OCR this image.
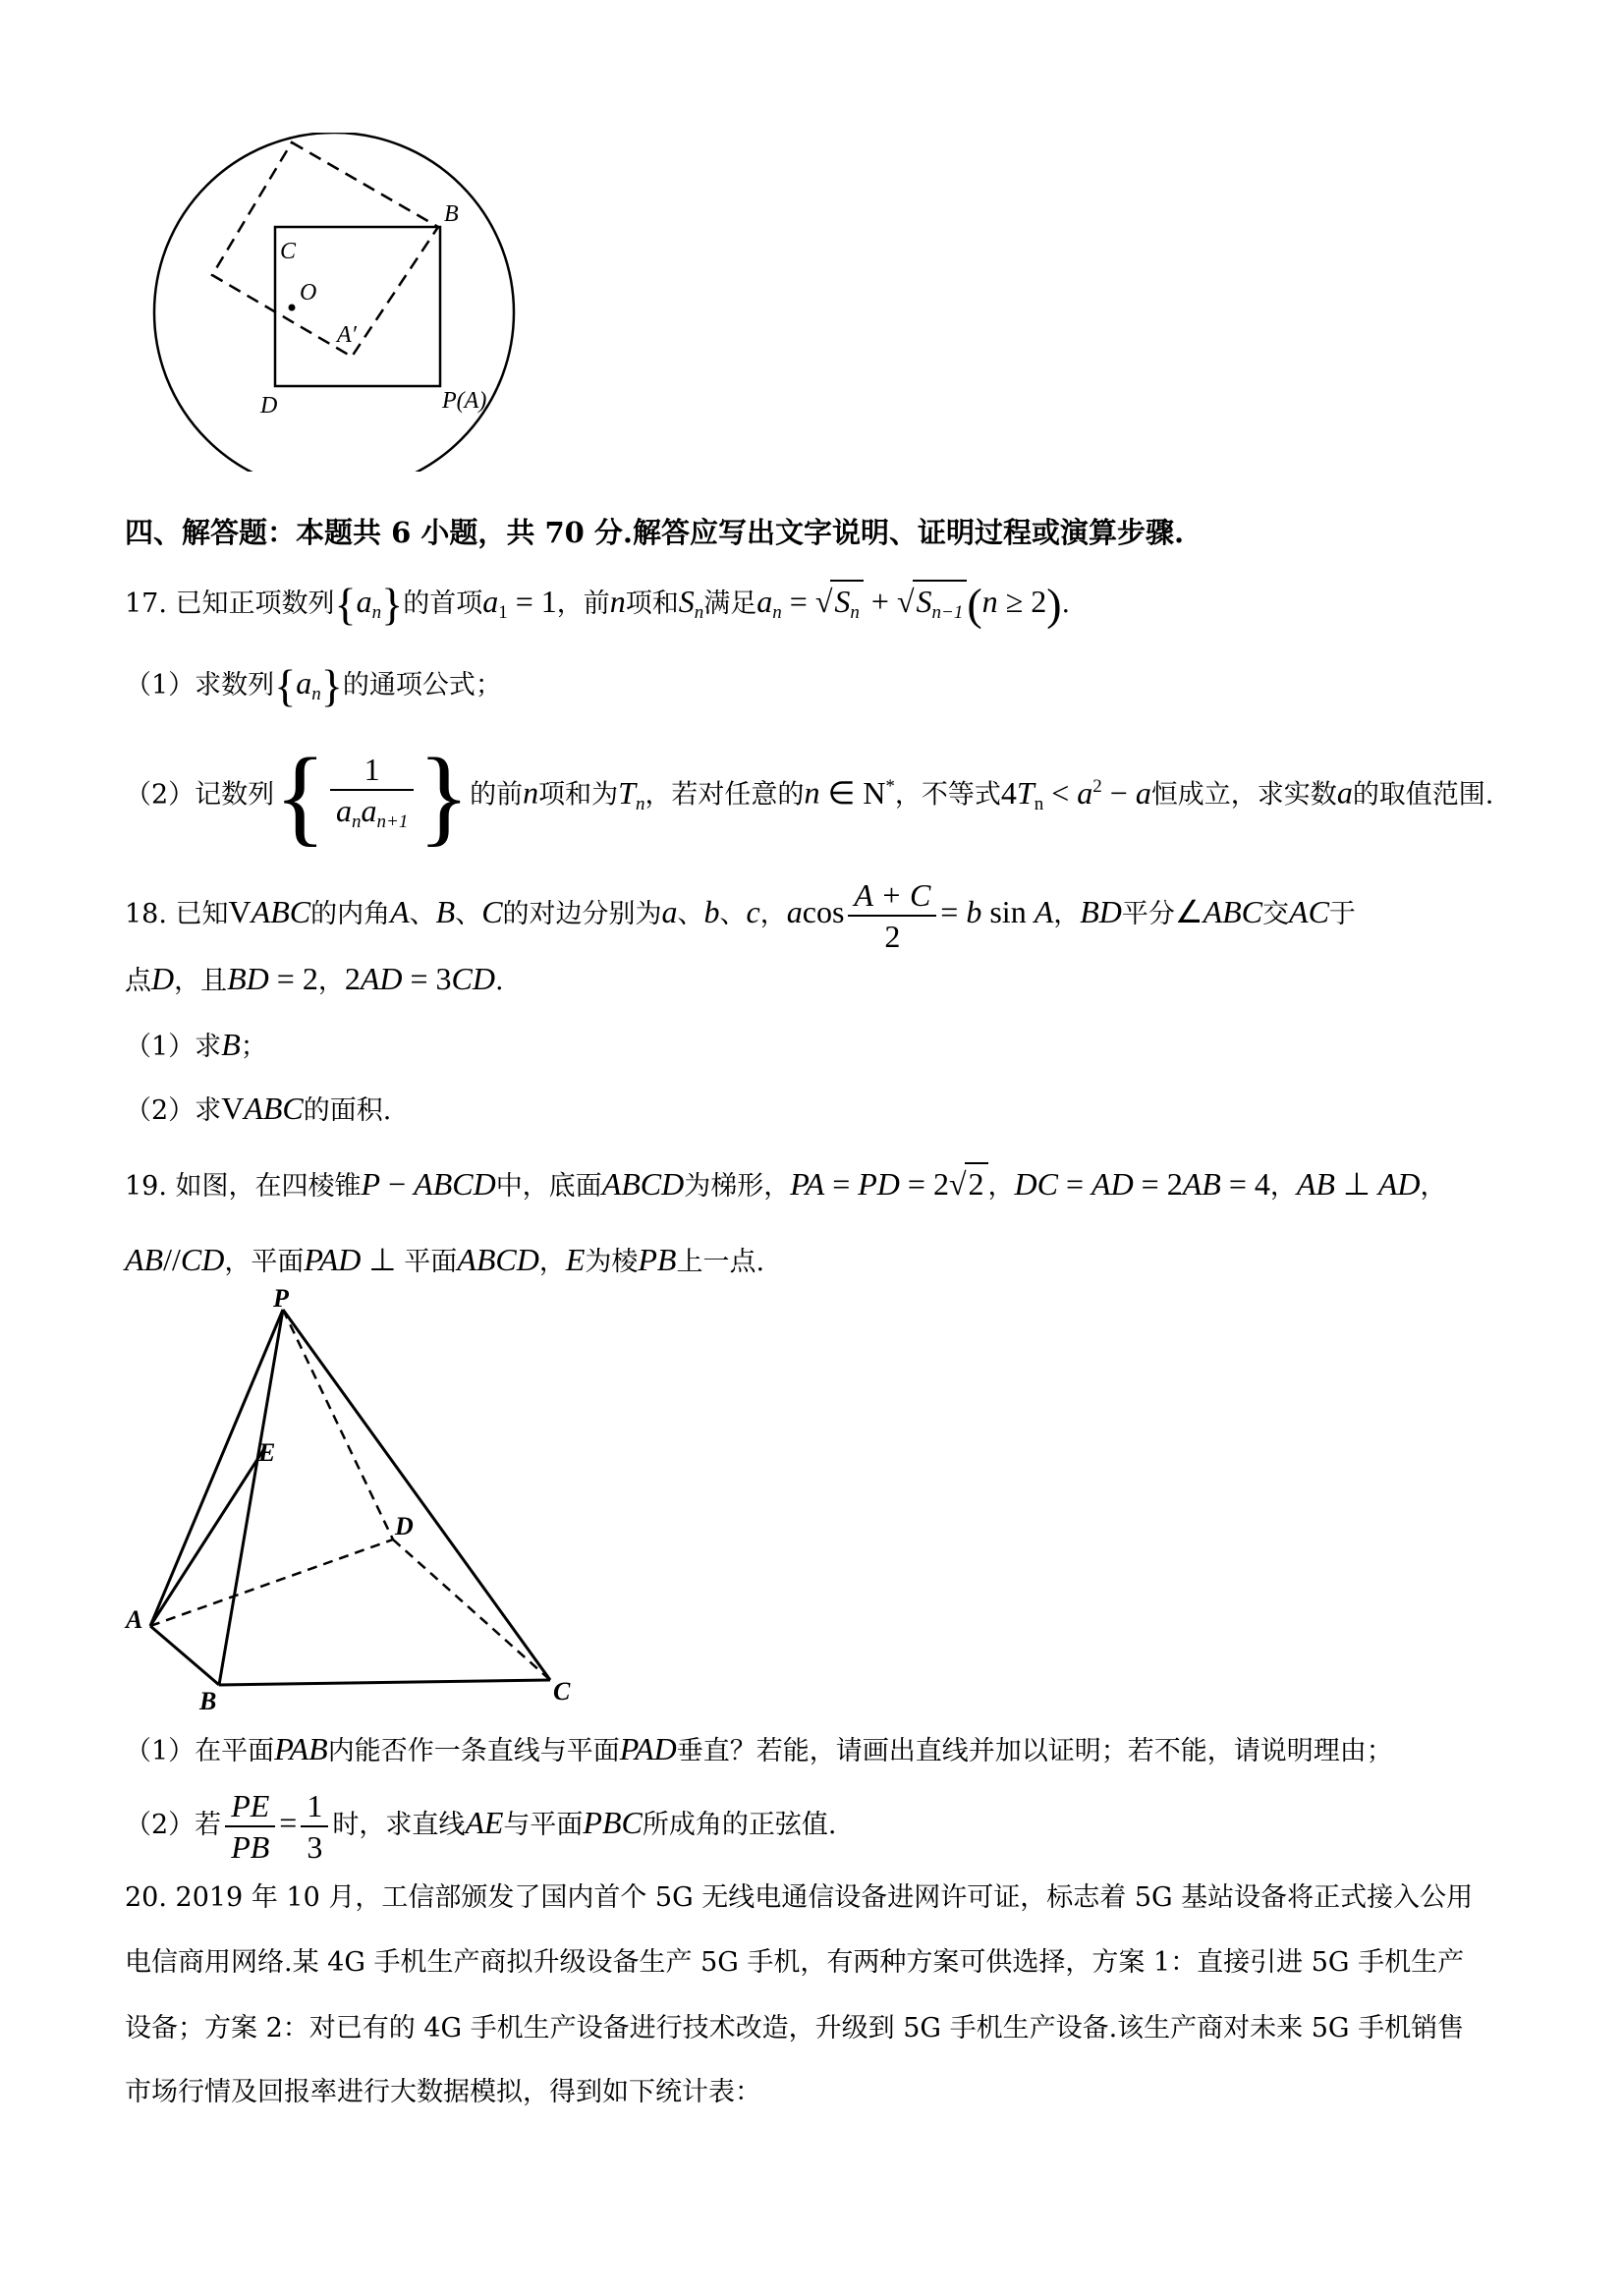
B
C
O
A′
D	P(A)
四、解答题：本题共 6 小题，共 70 分.解答应写出文字说明、证明过程或演算步骤.
17. 已知正项数列$\{a_n\}$的首项$a_1 = 1$，前n项和$S_n$满足$a_n = √S_n + √S_{n-1}(n \ge 2)$.
（1）求数列$\{a_n\}$的通项公式；
（2）记数列{ $\frac{1}{a_na_{n+1}}$ }的前n项和为$T_n$，若对任意的n ∈ N*，不等式$4T_n < a^2 - a$恒成立，求实数a的取值范围.
18. 已知VABC的内角A、B、C的对边分别为a、b、c，acos $\frac{A + C}{2} = b$ sin A，BD平分∠ABC交AC于
点D，且BD = 2，2AD = 3CD.
（1）求B；
（2）求VABC的面积.
19. 如图，在四棱锥P − ABCD中，底面ABCD为梯形，PA = PD = 2√2 ，DC = AD = 2AB = 4，AB ⊥ AD，
AB//CD，平面PAD ⊥ 平面ABCD，E为棱PB上一点.
P
E
D
A
B	C
（1）在平面PAB内能否作一条直线与平面PAD垂直？若能，请画出直线并加以证明；若不能，请说明理由；
（2）若 $\frac{PE}{PB} = \frac{1}{3}$ 时，求直线AE与平面PBC所成角的正弦值.
20. 2019 年 10 月，工信部颁发了国内首个 5G 无线电通信设备进网许可证，标志着 5G 基站设备将正式接入公用
电信商用网络.某 4G 手机生产商拟升级设备生产 5G 手机，有两种方案可供选择，方案 1：直接引进 5G 手机生产
设备；方案 2：对已有的 4G 手机生产设备进行技术改造，升级到 5G 手机生产设备.该生产商对未来 5G 手机销售
市场行情及回报率进行大数据模拟，得到如下统计表：
